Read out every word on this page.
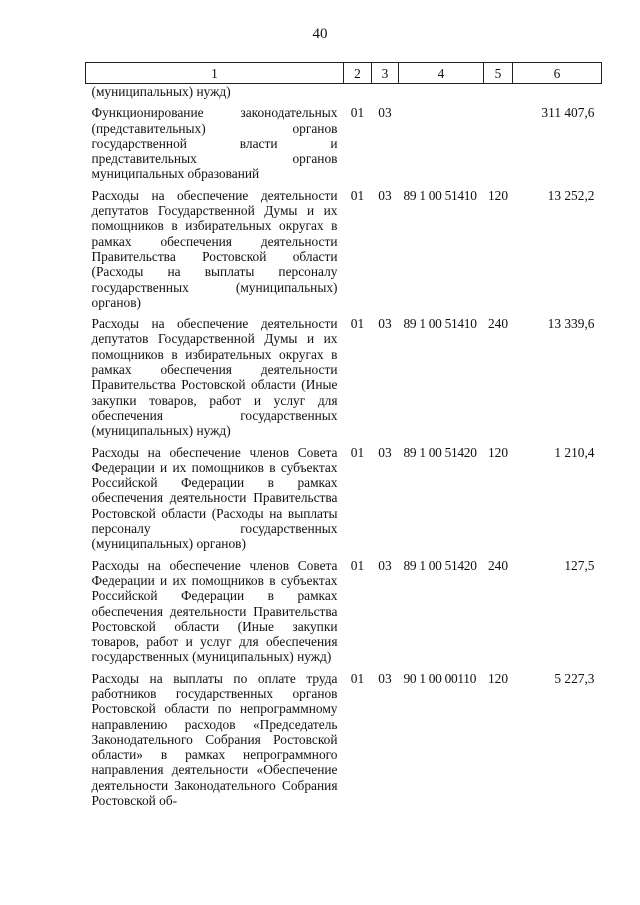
40
1	2	3	4	5	6
(муниципальных) нужд)					
Функционирование законодательных (представительных) органов государственной власти и представительных органов муниципальных образований	01	03			311 407,6
Расходы на обеспечение деятельности депутатов Государственной Думы и их помощников в избирательных округах в рамках обеспечения деятельности Правительства Ростовской области (Расходы на выплаты персоналу государственных (муниципальных) органов)	01	03	89 1 00 51410	120	13 252,2
Расходы на обеспечение деятельности депутатов Государственной Думы и их помощников в избирательных округах в рамках обеспечения деятельности Правительства Ростовской области (Иные закупки товаров, работ и услуг для обеспечения государственных (муниципальных) нужд)	01	03	89 1 00 51410	240	13 339,6
Расходы на обеспечение членов Совета Федерации и их помощников в субъектах Российской Федерации в рамках обеспечения деятельности Правительства Ростовской области (Расходы на выплаты персоналу государственных (муниципальных) органов)	01	03	89 1 00 51420	120	1 210,4
Расходы на обеспечение членов Совета Федерации и их помощников в субъектах Российской Федерации в рамках обеспечения деятельности Правительства Ростовской области (Иные закупки товаров, работ и услуг для обеспечения государственных (муниципальных) нужд)	01	03	89 1 00 51420	240	127,5
Расходы на выплаты по оплате труда работников государственных органов Ростовской области по непрограммному направлению расходов «Председатель Законодательного Собрания Ростовской области» в рамках непрограммного направления деятельности «Обеспечение деятельности Законодательного Собрания Ростовской об-	01	03	90 1 00 00110	120	5 227,3
